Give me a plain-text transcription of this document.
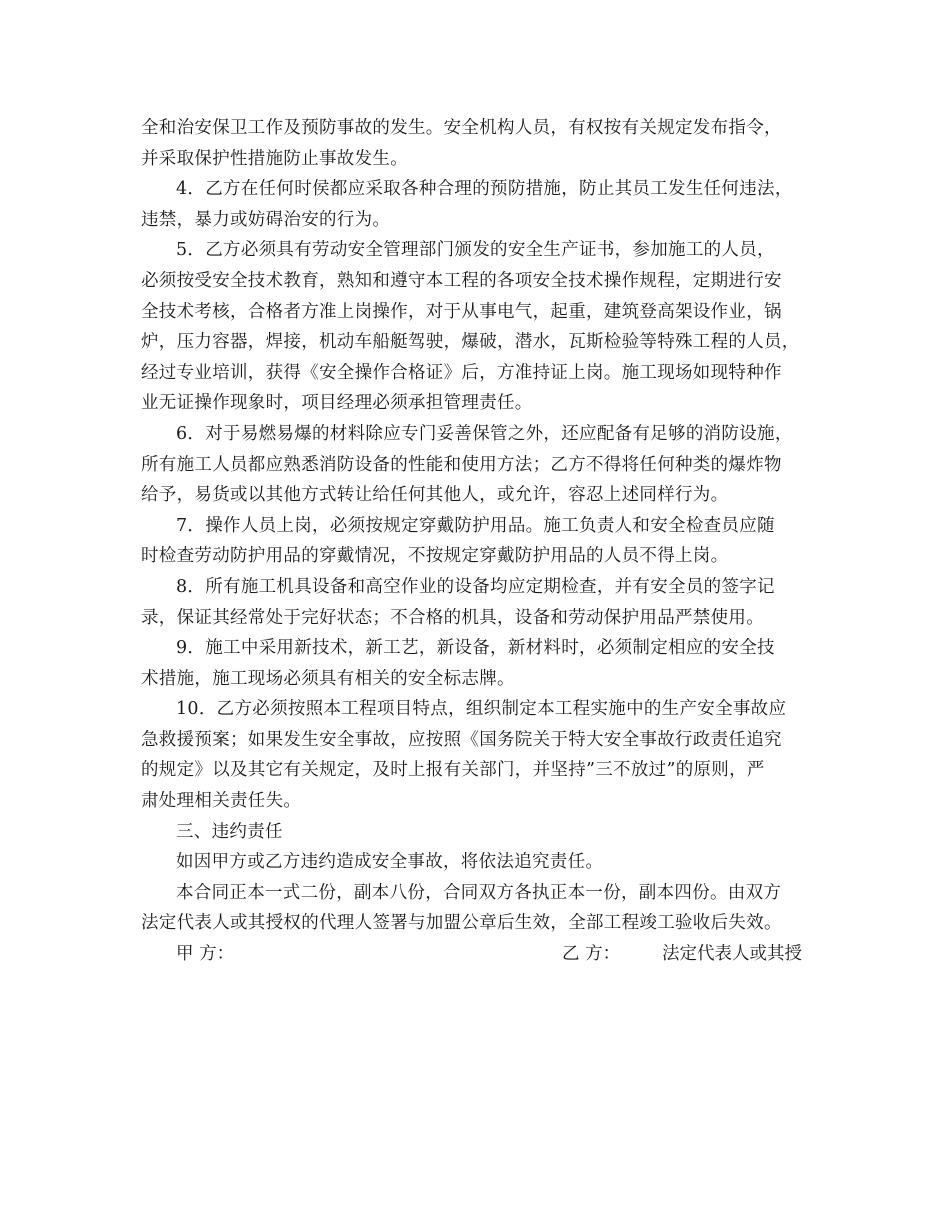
全和治安保卫工作及预防事故的发生。安全机构人员，有权按有关规定发布指令，
并采取保护性措施防止事故发生。
4．乙方在任何时侯都应采取各种合理的预防措施，防止其员工发生任何违法，
违禁，暴力或妨碍治安的行为。
5．乙方必须具有劳动安全管理部门颁发的安全生产证书，参加施工的人员，
必须按受安全技术教育，熟知和遵守本工程的各项安全技术操作规程，定期进行安
全技术考核，合格者方准上岗操作，对于从事电气，起重，建筑登高架设作业，锅
炉，压力容器，焊接，机动车船艇驾驶，爆破，潜水，瓦斯检验等特殊工程的人员，
经过专业培训，获得《安全操作合格证》后，方准持证上岗。施工现场如现特种作
业无证操作现象时，项目经理必须承担管理责任。
6．对于易燃易爆的材料除应专门妥善保管之外，还应配备有足够的消防设施，
所有施工人员都应熟悉消防设备的性能和使用方法；乙方不得将任何种类的爆炸物
给予，易货或以其他方式转让给任何其他人，或允许，容忍上述同样行为。
7．操作人员上岗，必须按规定穿戴防护用品。施工负责人和安全检查员应随
时检查劳动防护用品的穿戴情况，不按规定穿戴防护用品的人员不得上岗。
8．所有施工机具设备和高空作业的设备均应定期检查，并有安全员的签字记
录，保证其经常处于完好状态；不合格的机具，设备和劳动保护用品严禁使用。
9．施工中采用新技术，新工艺，新设备，新材料时，必须制定相应的安全技
术措施，施工现场必须具有相关的安全标志牌。
10．乙方必须按照本工程项目特点，组织制定本工程实施中的生产安全事故应
急救援预案；如果发生安全事故，应按照《国务院关于特大安全事故行政责任追究
的规定》以及其它有关规定，及时上报有关部门，并坚持”三不放过”的原则，严
肃处理相关责任失。
三、违约责任
如因甲方或乙方违约造成安全事故，将依法追究责任。
本合同正本一式二份，副本八份，合同双方各执正本一份，副本四份。由双方
法定代表人或其授权的代理人签署与加盟公章后生效，全部工程竣工验收后失效。
甲 方：	乙 方： 法定代表人或其授
